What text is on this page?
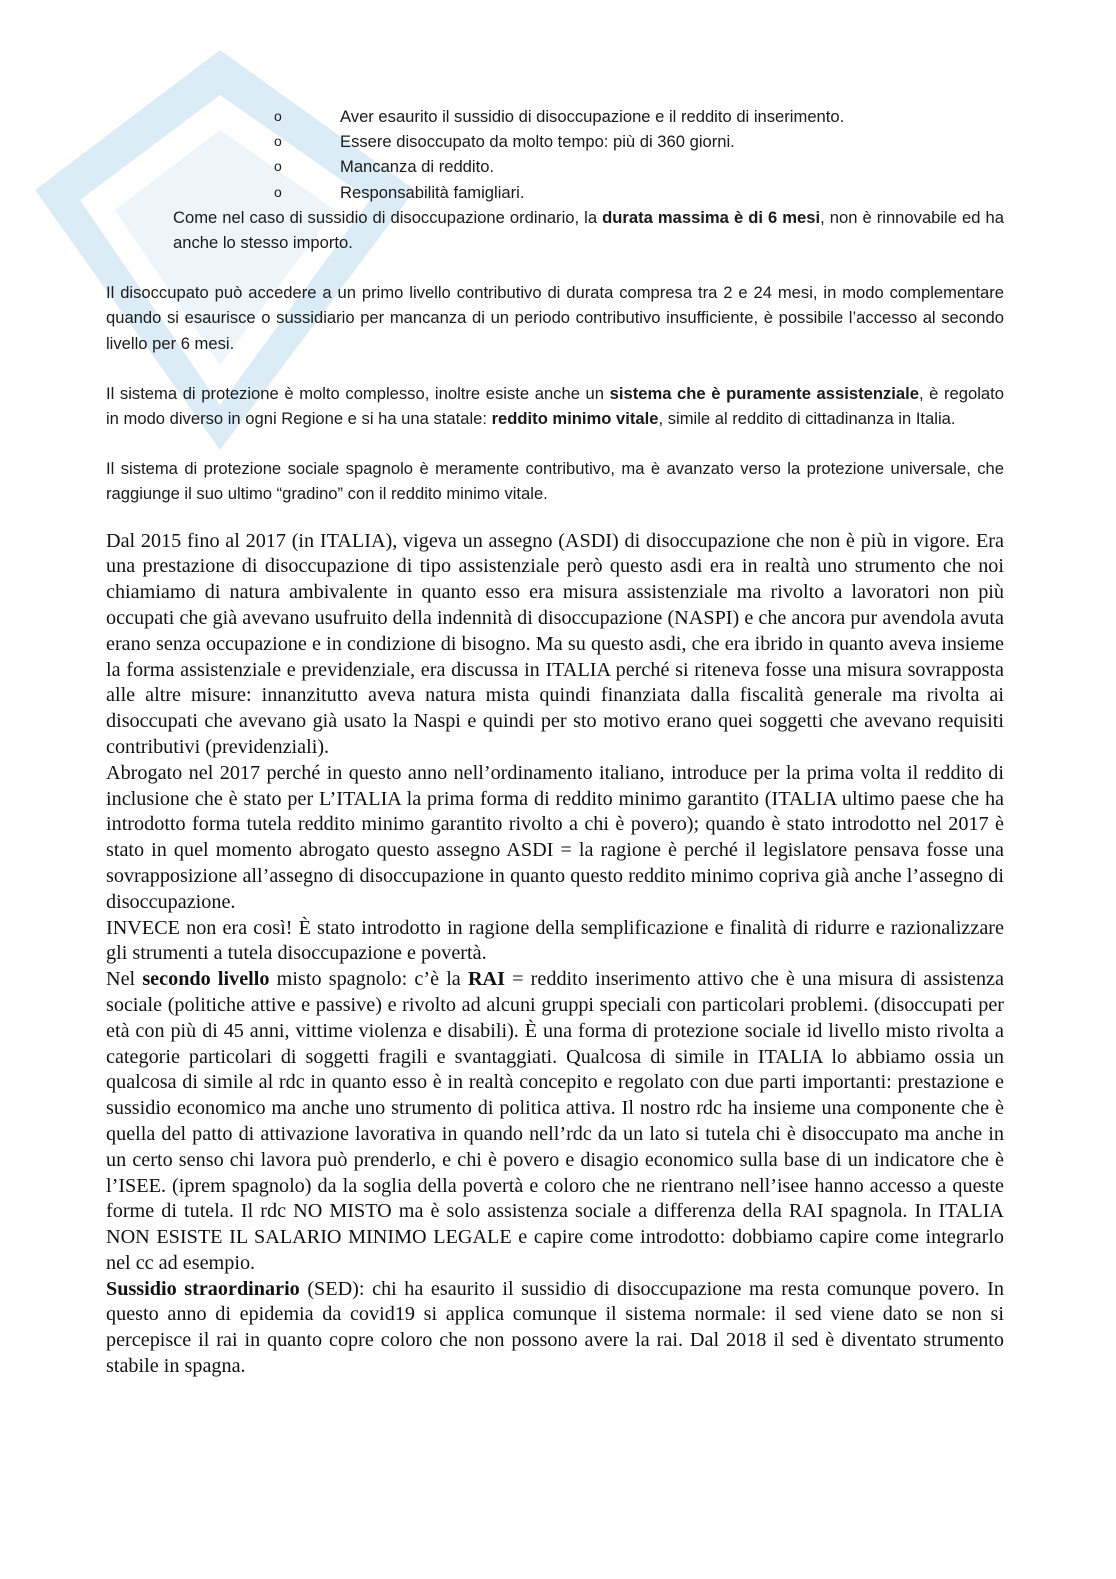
o	Aver esaurito il sussidio di disoccupazione e il reddito di inserimento.
o	Essere disoccupato da molto tempo: più di 360 giorni.
o	Mancanza di reddito.
o	Responsabilità famigliari.

Come nel caso di sussidio di disoccupazione ordinario, la durata massima è di 6 mesi, non è rinnovabile ed ha anche lo stesso importo.

Il disoccupato può accedere a un primo livello contributivo di durata compresa tra 2 e 24 mesi, in modo complementare quando si esaurisce o sussidiario per mancanza di un periodo contributivo insufficiente, è possibile l’accesso al secondo livello per 6 mesi.

Il sistema di protezione è molto complesso, inoltre esiste anche un sistema che è puramente assistenziale, è regolato in modo diverso in ogni Regione e si ha una statale: reddito minimo vitale, simile al reddito di cittadinanza in Italia.

Il sistema di protezione sociale spagnolo è meramente contributivo, ma è avanzato verso la protezione universale, che raggiunge il suo ultimo “gradino” con il reddito minimo vitale.

Dal 2015 fino al 2017 (in ITALIA), vigeva un assegno (ASDI) di disoccupazione che non è più in vigore. Era una prestazione di disoccupazione di tipo assistenziale però questo asdi era in realtà uno strumento che noi chiamiamo di natura ambivalente in quanto esso era misura assistenziale ma rivolto a lavoratori non più occupati che già avevano usufruito della indennità di disoccupazione (NASPI) e che ancora pur avendola avuta erano senza occupazione e in condizione di bisogno. Ma su questo asdi, che era ibrido in quanto aveva insieme la forma assistenziale e previdenziale, era discussa in ITALIA perché si riteneva fosse una misura sovrapposta alle altre misure: innanzitutto aveva natura mista quindi finanziata dalla fiscalità generale ma rivolta ai disoccupati che avevano già usato la Naspi e quindi per sto motivo erano quei soggetti che avevano requisiti contributivi (previdenziali).

Abrogato nel 2017 perché in questo anno nell’ordinamento italiano, introduce per la prima volta il reddito di inclusione che è stato per L’ITALIA la prima forma di reddito minimo garantito (ITALIA ultimo paese che ha introdotto forma tutela reddito minimo garantito rivolto a chi è povero); quando è stato introdotto nel 2017 è stato in quel momento abrogato questo assegno ASDI = la ragione è perché il legislatore pensava fosse una sovrapposizione all’assegno di disoccupazione in quanto questo reddito minimo copriva già anche l’assegno di disoccupazione.

INVECE non era così! È stato introdotto in ragione della semplificazione e finalità di ridurre e razionalizzare gli strumenti a tutela disoccupazione e povertà.

Nel secondo livello misto spagnolo: c’è la RAI = reddito inserimento attivo che è una misura di assistenza sociale (politiche attive e passive) e rivolto ad alcuni gruppi speciali con particolari problemi. (disoccupati per età con più di 45 anni, vittime violenza e disabili). È una forma di protezione sociale id livello misto rivolta a categorie particolari di soggetti fragili e svantaggiati. Qualcosa di simile in ITALIA lo abbiamo ossia un qualcosa di simile al rdc in quanto esso è in realtà concepito e regolato con due parti importanti: prestazione e sussidio economico ma anche uno strumento di politica attiva. Il nostro rdc ha insieme una componente che è quella del patto di attivazione lavorativa in quando nell’rdc da un lato si tutela chi è disoccupato ma anche in un certo senso chi lavora può prenderlo, e chi è povero e disagio economico sulla base di un indicatore che è l’ISEE. (iprem spagnolo) da la soglia della povertà e coloro che ne rientrano nell’isee hanno accesso a queste forme di tutela. Il rdc NO MISTO ma è solo assistenza sociale a differenza della RAI spagnola. In ITALIA NON ESISTE IL SALARIO MINIMO LEGALE e capire come introdotto: dobbiamo capire come integrarlo nel cc ad esempio.

Sussidio straordinario (SED): chi ha esaurito il sussidio di disoccupazione ma resta comunque povero. In questo anno di epidemia da covid19 si applica comunque il sistema normale: il sed viene dato se non si percepisce il rai in quanto copre coloro che non possono avere la rai. Dal 2018 il sed è diventato strumento stabile in spagna.
